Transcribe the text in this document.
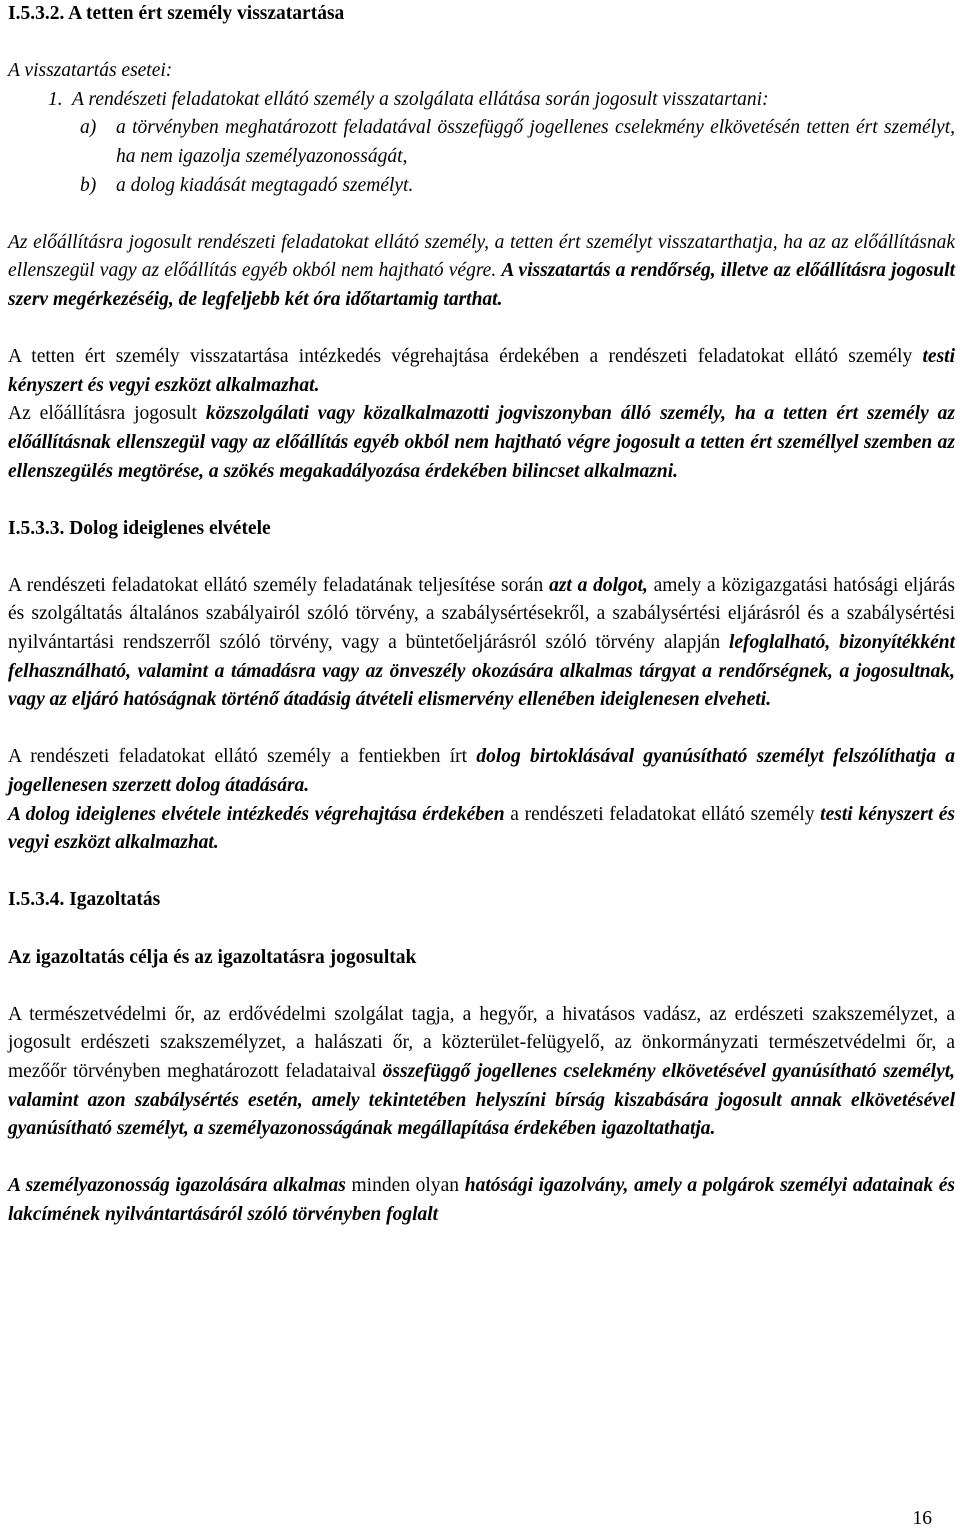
I.5.3.2. A tetten ért személy visszatartása

A visszatartás esetei:

1. A rendészeti feladatokat ellátó személy a szolgálata ellátása során jogosult visszatartani:

a) a törvényben meghatározott feladatával összefüggő jogellenes cselekmény elkövetésén tetten ért személyt, ha nem igazolja személyazonosságát,

b) a dolog kiadását megtagadó személyt.

Az előállításra jogosult rendészeti feladatokat ellátó személy, a tetten ért személyt visszatarthatja, ha az az előállításnak ellenszegül vagy az előállítás egyéb okból nem hajtható végre. A visszatartás a rendőrség, illetve az előállításra jogosult szerv megérkezéséig, de legfeljebb két óra időtartamig tarthat.

A tetten ért személy visszatartása intézkedés végrehajtása érdekében a rendészeti feladatokat ellátó személy testi kényszert és vegyi eszközt alkalmazhat.

Az előállításra jogosult közszolgálati vagy közalkalmazotti jogviszonyban álló személy, ha a tetten ért személy az előállításnak ellenszegül vagy az előállítás egyéb okból nem hajtható végre jogosult a tetten ért személlyel szemben az ellenszegülés megtörése, a szökés megakadályozása érdekében bilincset alkalmazni.

I.5.3.3. Dolog ideiglenes elvétele

A rendészeti feladatokat ellátó személy feladatának teljesítése során azt a dolgot, amely a közigazgatási hatósági eljárás és szolgáltatás általános szabályairól szóló törvény, a szabálysértésekről, a szabálysértési eljárásról és a szabálysértési nyilvántartási rendszerről szóló törvény, vagy a büntetőeljárásról szóló törvény alapján lefoglalható, bizonyítékként felhasználható, valamint a támadásra vagy az önveszély okozására alkalmas tárgyat a rendőrségnek, a jogosultnak, vagy az eljáró hatóságnak történő átadásig átvételi elismervény ellenében ideiglenesen elveheti.

A rendészeti feladatokat ellátó személy a fentiekben írt dolog birtoklásával gyanúsítható személyt felszólíthatja a jogellenesen szerzett dolog átadására.

A dolog ideiglenes elvétele intézkedés végrehajtása érdekében a rendészeti feladatokat ellátó személy testi kényszert és vegyi eszközt alkalmazhat.

I.5.3.4. Igazoltatás

Az igazoltatás célja és az igazoltatásra jogosultak

A természetvédelmi őr, az erdővédelmi szolgálat tagja, a hegyőr, a hivatásos vadász, az erdészeti szakszemélyzet, a jogosult erdészeti szakszemélyzet, a halászati őr, a közterület-felügyelő, az önkormányzati természetvédelmi őr, a mezőőr törvényben meghatározott feladataival összefüggő jogellenes cselekmény elkövetésével gyanúsítható személyt, valamint azon szabálysértés esetén, amely tekintetében helyszíni bírság kiszabására jogosult annak elkövetésével gyanúsítható személyt, a személyazonosságának megállapítása érdekében igazoltathatja.

A személyazonosság igazolására alkalmas minden olyan hatósági igazolvány, amely a polgárok személyi adatainak és lakcímének nyilvántartásáról szóló törvényben foglalt

16
